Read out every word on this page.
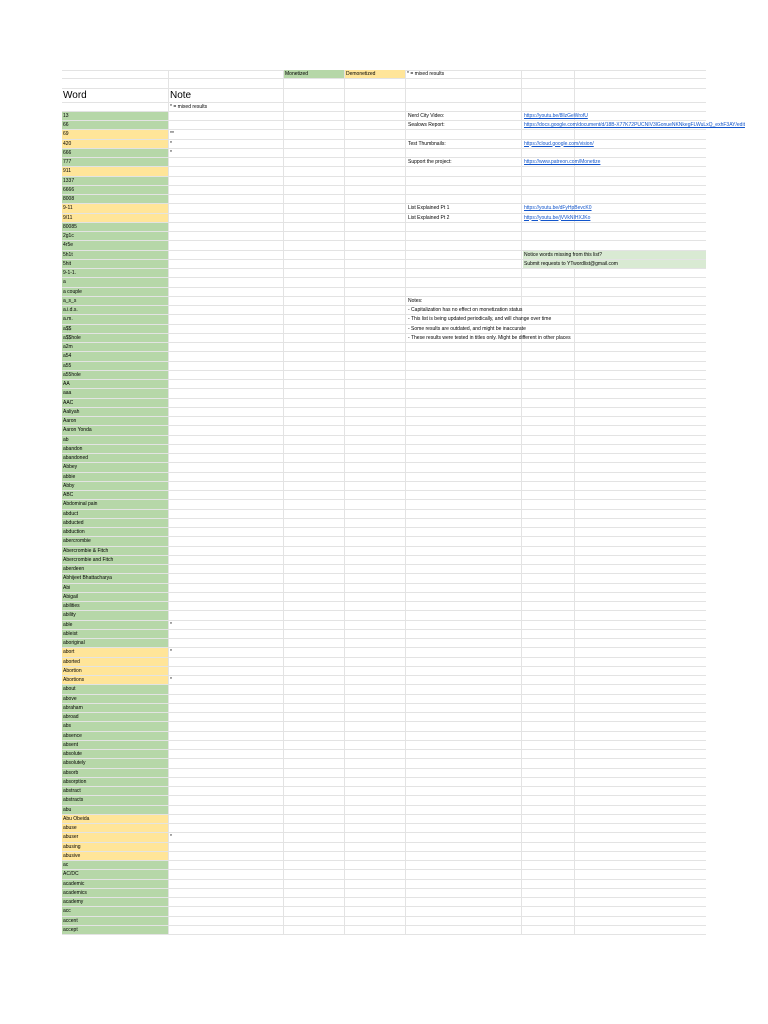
Monetized	Demonetized	* = mixed results
Word	Note
* = mixed results
13
66
69	**
420	*
666	*
777
911
1337
6666
8008
9-11
9/11
80085
2g1c
4r5e
5h1t
5hit
9-1-1.
a
a couple
a_s_s
a.i.d.s.
a.m.
a$$
a$$hole
a2m
a54
a55
a55hole
AA
aaa
AAC
Aaliyah
Aaron
Aaron Yonda
ab
abandon
abandoned
Abbey
abbie
Abby
ABC
Abdominal pain
abduct
abducted
abduction
abercrombie
Abercrombie & Fitch
Abercrombie and Fitch
aberdeen
Abhijeet Bhattacharya
Abi
Abigail
abilities
ability
able	*
ableist
aboriginal
abort	*
aborted
Abortion
Abortions	*
about
above
abraham
abroad
abs
absence
absent
absolute
absolutely
absorb
absorption
abstract
abstracts
abu
Abu Obeida
abuse
abuser	*
abusing
abusive
ac
AC/DC
academic
academics
academy
acc
accent
accept
Nerd City Video:	https://youtu.be/8llzGeWrofU
Sealows Report:	https://docs.google.com/document/d/18B-X77K72PUCNIV3lGonueNKNkegFLWuLxQ_exhF3AY/edit
Test Thumbnails:	https://cloud.google.com/vision/
Support the project:	https://www.patreon.com/Monetize
List Explained Pt 1	https://youtu.be/dFyHpBevcK0
List Explained Pt 2	https://youtu.be/jVVkNIHXJKo
Notice words missing from this list?
Submit requests to YTwordlist@gmail.com
Notes:
- Capitalization has no effect on monetization status
- This list is being updated periodically, and will change over time
- Some results are outdated, and might be inaccurate
- These results were tested in titles only. Might be different in other places
